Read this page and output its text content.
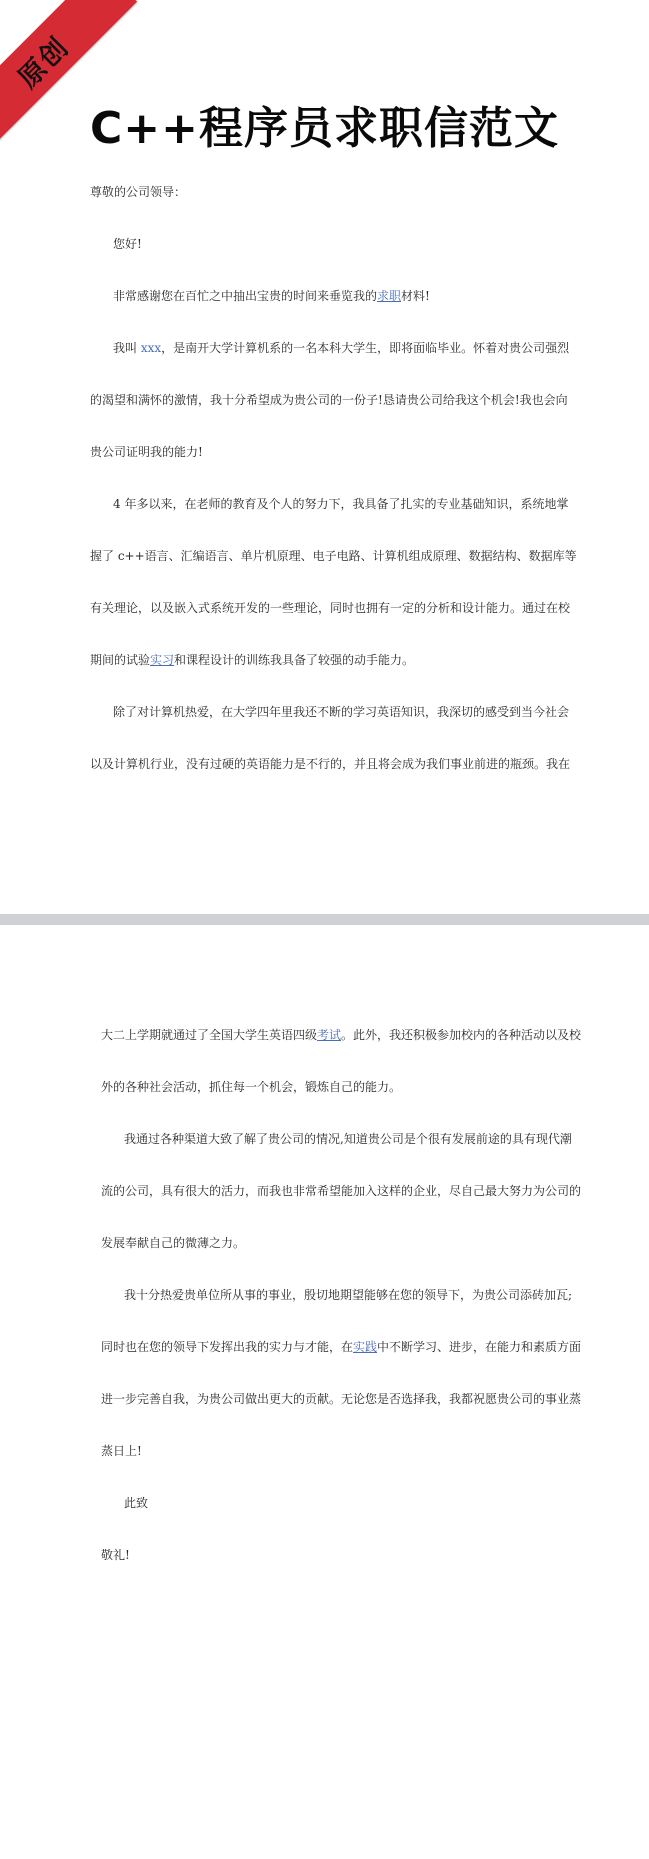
原创
C++程序员求职信范文
尊敬的公司领导：
您好!
非常感谢您在百忙之中抽出宝贵的时间来垂览我的求职材料!
我叫 xxx，是南开大学计算机系的一名本科大学生，即将面临毕业。怀着对贵公司强烈
的渴望和满怀的激情，我十分希望成为贵公司的一份子!恳请贵公司给我这个机会!我也会向
贵公司证明我的能力!
4 年多以来，在老师的教育及个人的努力下，我具备了扎实的专业基础知识，系统地掌
握了 c++语言、汇编语言、单片机原理、电子电路、计算机组成原理、数据结构、数据库等
有关理论，以及嵌入式系统开发的一些理论，同时也拥有一定的分析和设计能力。通过在校
期间的试验实习和课程设计的训练我具备了较强的动手能力。
除了对计算机热爱，在大学四年里我还不断的学习英语知识，我深切的感受到当今社会
以及计算机行业，没有过硬的英语能力是不行的，并且将会成为我们事业前进的瓶颈。我在
大二上学期就通过了全国大学生英语四级考试。此外，我还积极参加校内的各种活动以及校
外的各种社会活动，抓住每一个机会，锻炼自己的能力。
我通过各种渠道大致了解了贵公司的情况,知道贵公司是个很有发展前途的具有现代潮
流的公司，具有很大的活力，而我也非常希望能加入这样的企业，尽自己最大努力为公司的
发展奉献自己的微薄之力。
我十分热爱贵单位所从事的事业，殷切地期望能够在您的领导下，为贵公司添砖加瓦;
同时也在您的领导下发挥出我的实力与才能，在实践中不断学习、进步，在能力和素质方面
进一步完善自我，为贵公司做出更大的贡献。无论您是否选择我，我都祝愿贵公司的事业蒸
蒸日上!
此致
敬礼!
